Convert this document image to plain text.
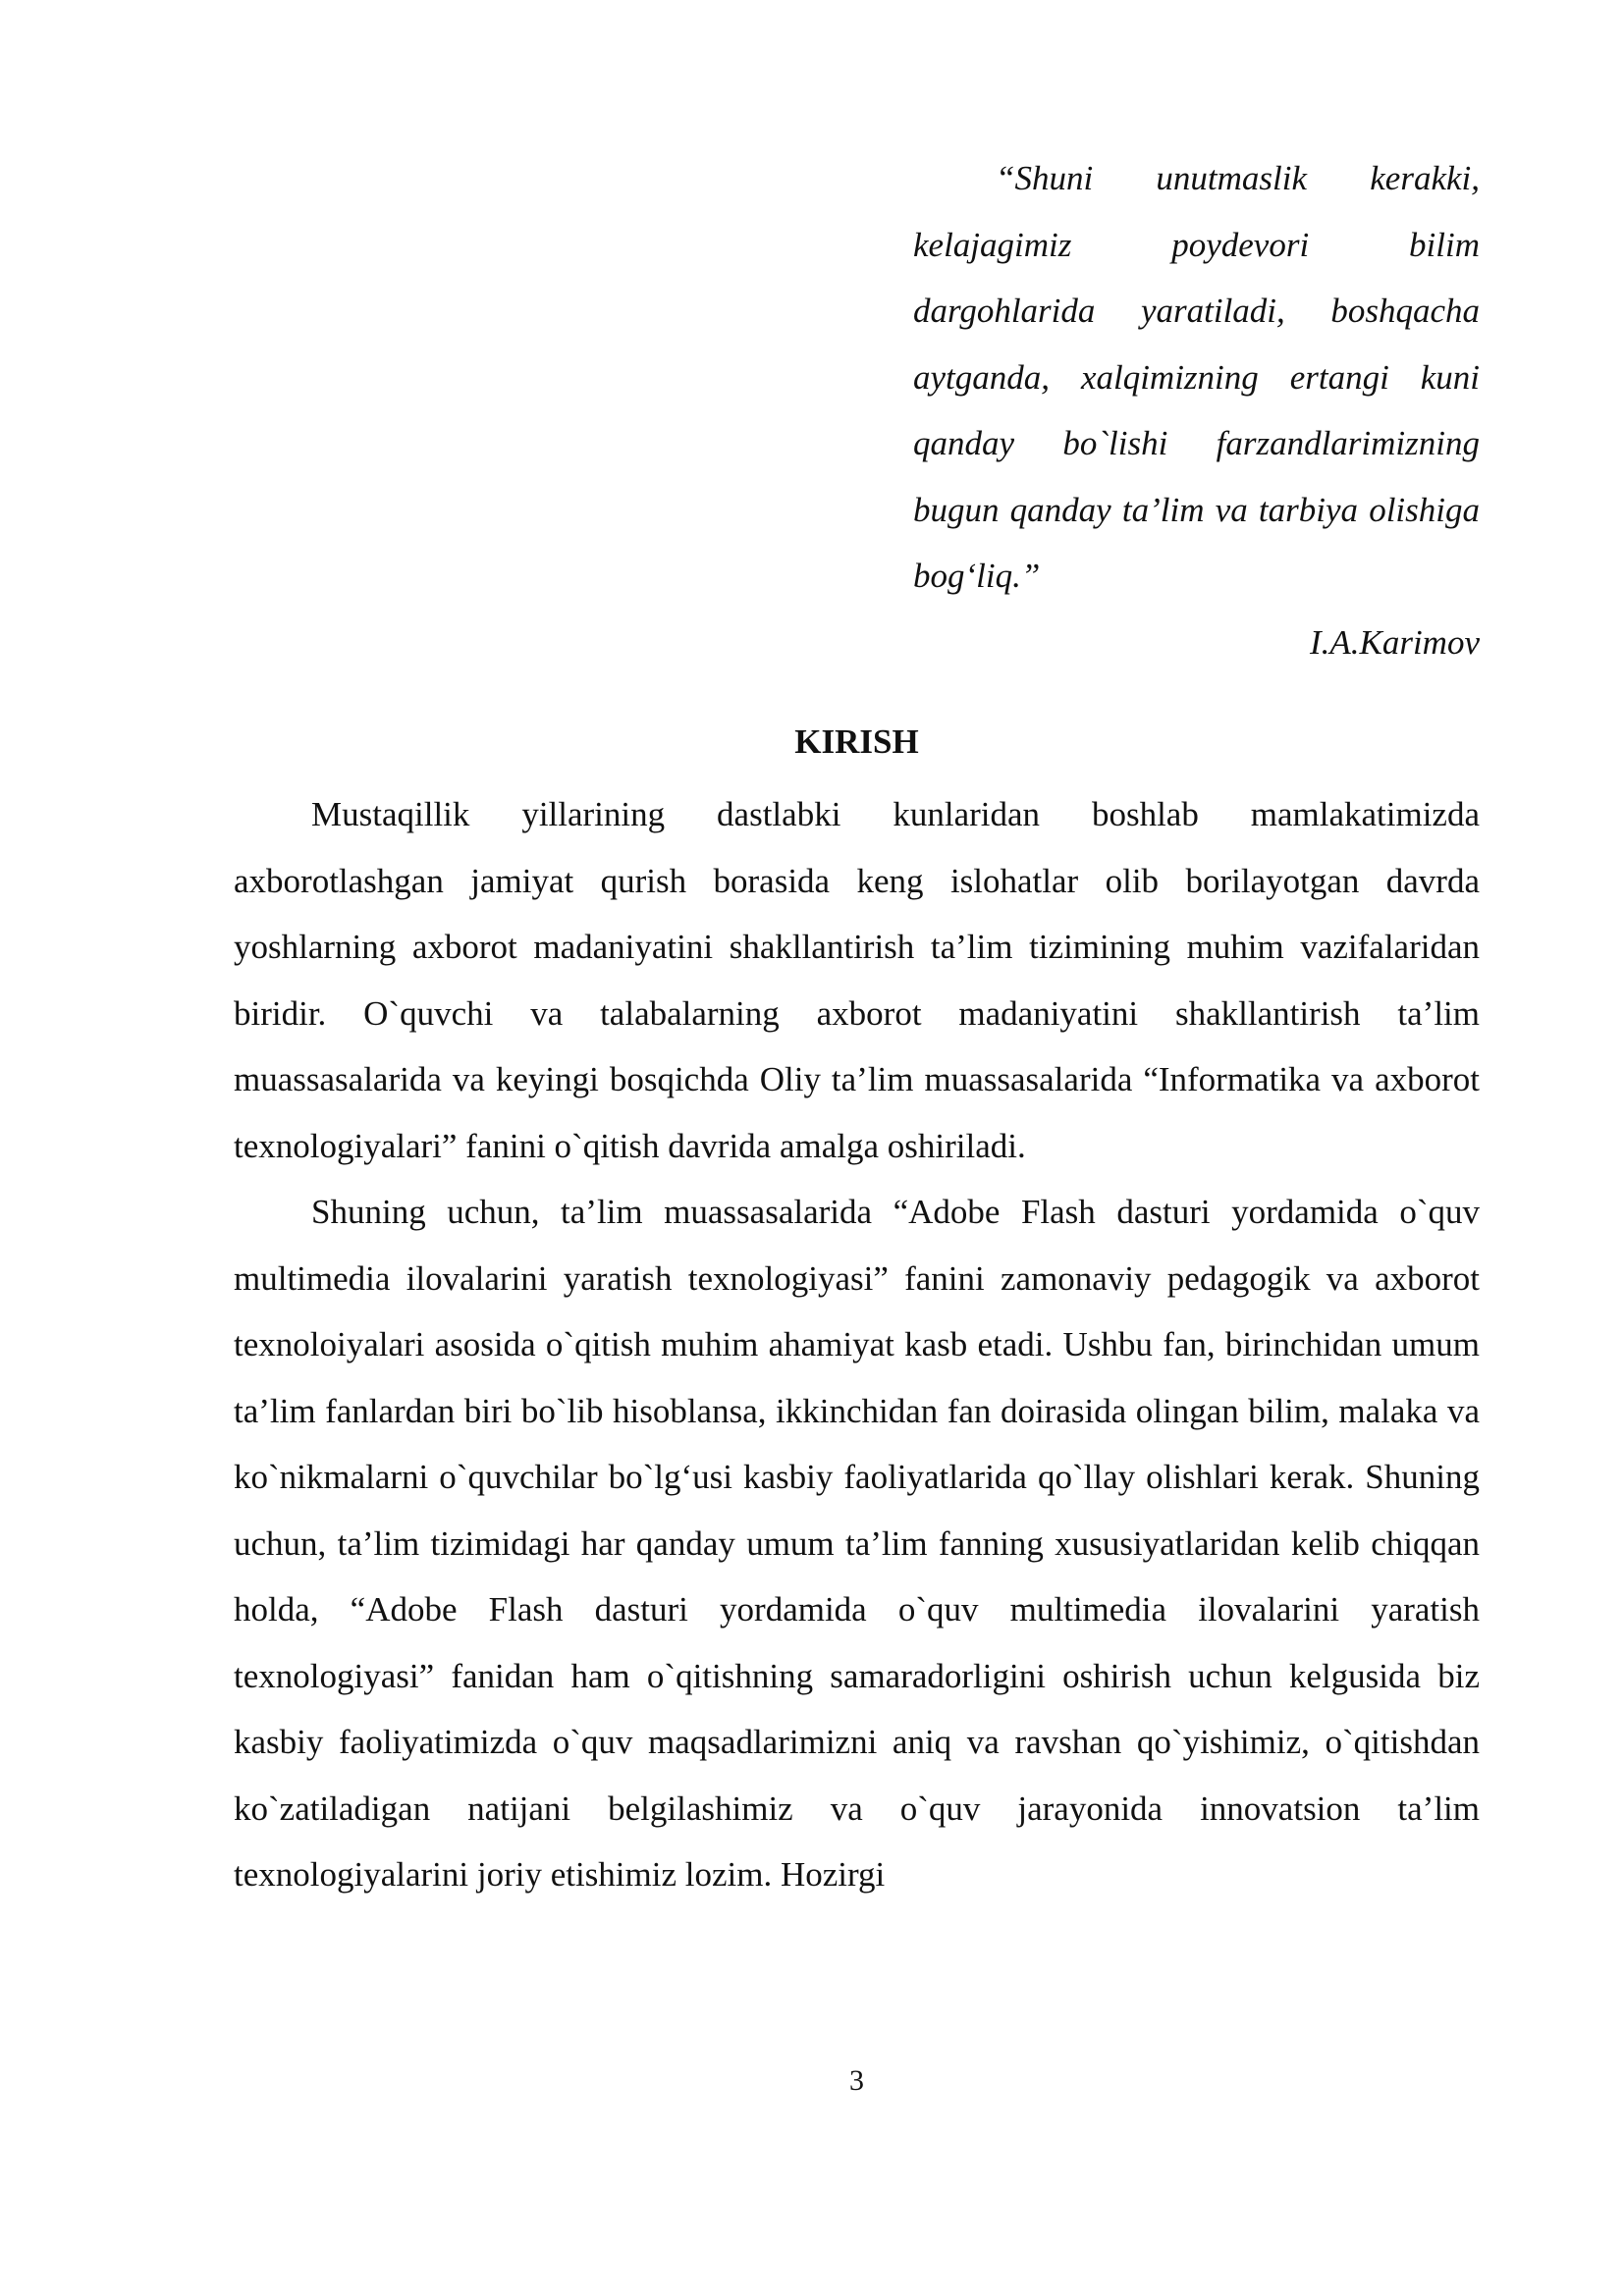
“Shuni unutmaslik kerakki, kelajagimiz poydevori bilim dargohlarida yaratiladi, boshqacha aytganda, xalqimizning ertangi kuni qanday bo`lishi farzandlarimizning bugun qanday ta’lim va tarbiya olishiga bog‘liq.”

I.A.Karimov

KIRISH

Mustaqillik yillarining dastlabki kunlaridan boshlab mamlakatimizda axborotlashgan jamiyat qurish borasida keng islohatlar olib borilayotgan davrda yoshlarning axborot madaniyatini shakllantirish ta’lim tizimining muhim vazifalaridan biridir. O`quvchi va talabalarning axborot madaniyatini shakllantirish ta’lim muassasalarida va keyingi bosqichda Oliy ta’lim muassasalarida “Informatika va axborot texnologiyalari” fanini o`qitish davrida amalga oshiriladi.

Shuning uchun, ta’lim muassasalarida “Adobe Flash dasturi yordamida o`quv multimedia ilovalarini yaratish texnologiyasi” fanini zamonaviy pedagogik va axborot texnoloiyalari asosida o`qitish muhim ahamiyat kasb etadi. Ushbu fan, birinchidan umum ta’lim fanlardan biri bo`lib hisoblansa, ikkinchidan fan doirasida olingan bilim, malaka va ko`nikmalarni o`quvchilar bo`lg‘usi kasbiy faoliyatlarida qo`llay olishlari kerak. Shuning uchun, ta’lim tizimidagi har qanday umum ta’lim fanning xususiyatlaridan kelib chiqqan holda, “Adobe Flash dasturi yordamida o`quv multimedia ilovalarini yaratish texnologiyasi” fanidan ham o`qitishning samaradorligini oshirish uchun kelgusida biz kasbiy faoliyatimizda o`quv maqsadlarimizni aniq va ravshan qo`yishimiz, o`qitishdan ko`zatiladigan natijani belgilashimiz va o`quv jarayonida innovatsion ta’lim texnologiyalarini joriy etishimiz lozim. Hozirgi

3
